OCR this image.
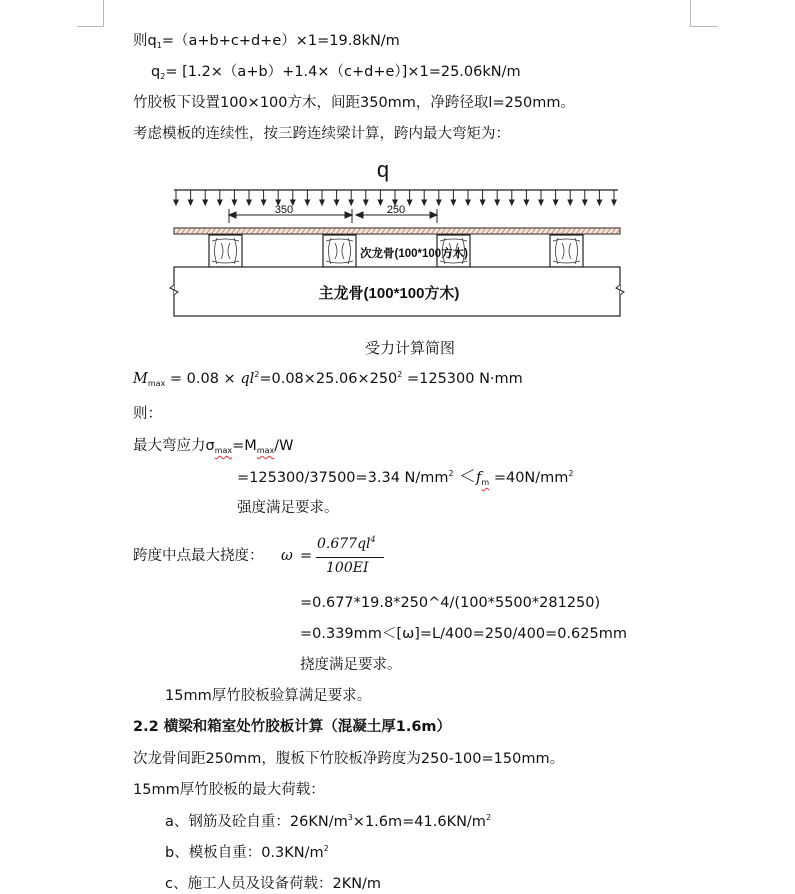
则$q_1=(a+b+c+d+e)\times 1=19.8kN/m$
$q_2= [1.2\times(a+b)+1.4\times(c+d+e)]\times 1=25.06kN/m$
竹胶板下设置100×100方木，间距350mm，净跨径取l=250mm。
考虑模板的连续性，按三跨连续梁计算，跨内最大弯矩为：
q
350	250
次龙骨(100*100方木)
主龙骨(100*100方木)
受力计算简图
$M_{max} = 0.08 \times ql^2=0.08\times 25.06\times 250^2 =125300$ N·mm
则：
最大弯应力$\sigma_{max}=M_{max}/W$
=125300/37500=3.34 $N/mm^2 <f_m =40N/mm^2$
强度满足要求。
跨度中点最大挠度： ω =
$0.677ql^4$
100EI
=0.677*19.8*250^4/(100*5500*281250)
=0.339mm＜[ω]=L/400=250/400=0.625mm
挠度满足要求。
15mm厚竹胶板验算满足要求。
2.2 横梁和箱室处竹胶板计算（混凝土厚1.6m）
次龙骨间距250mm，腹板下竹胶板净跨度为250-100=150mm。
15mm厚竹胶板的最大荷载：
a、钢筋及砼自重：$26KN/m^3\times 1.6m=41.6KN/m^2$
b、模板自重：$0.3KN/m^2$
c、施工人员及设备荷载：2KN/m
